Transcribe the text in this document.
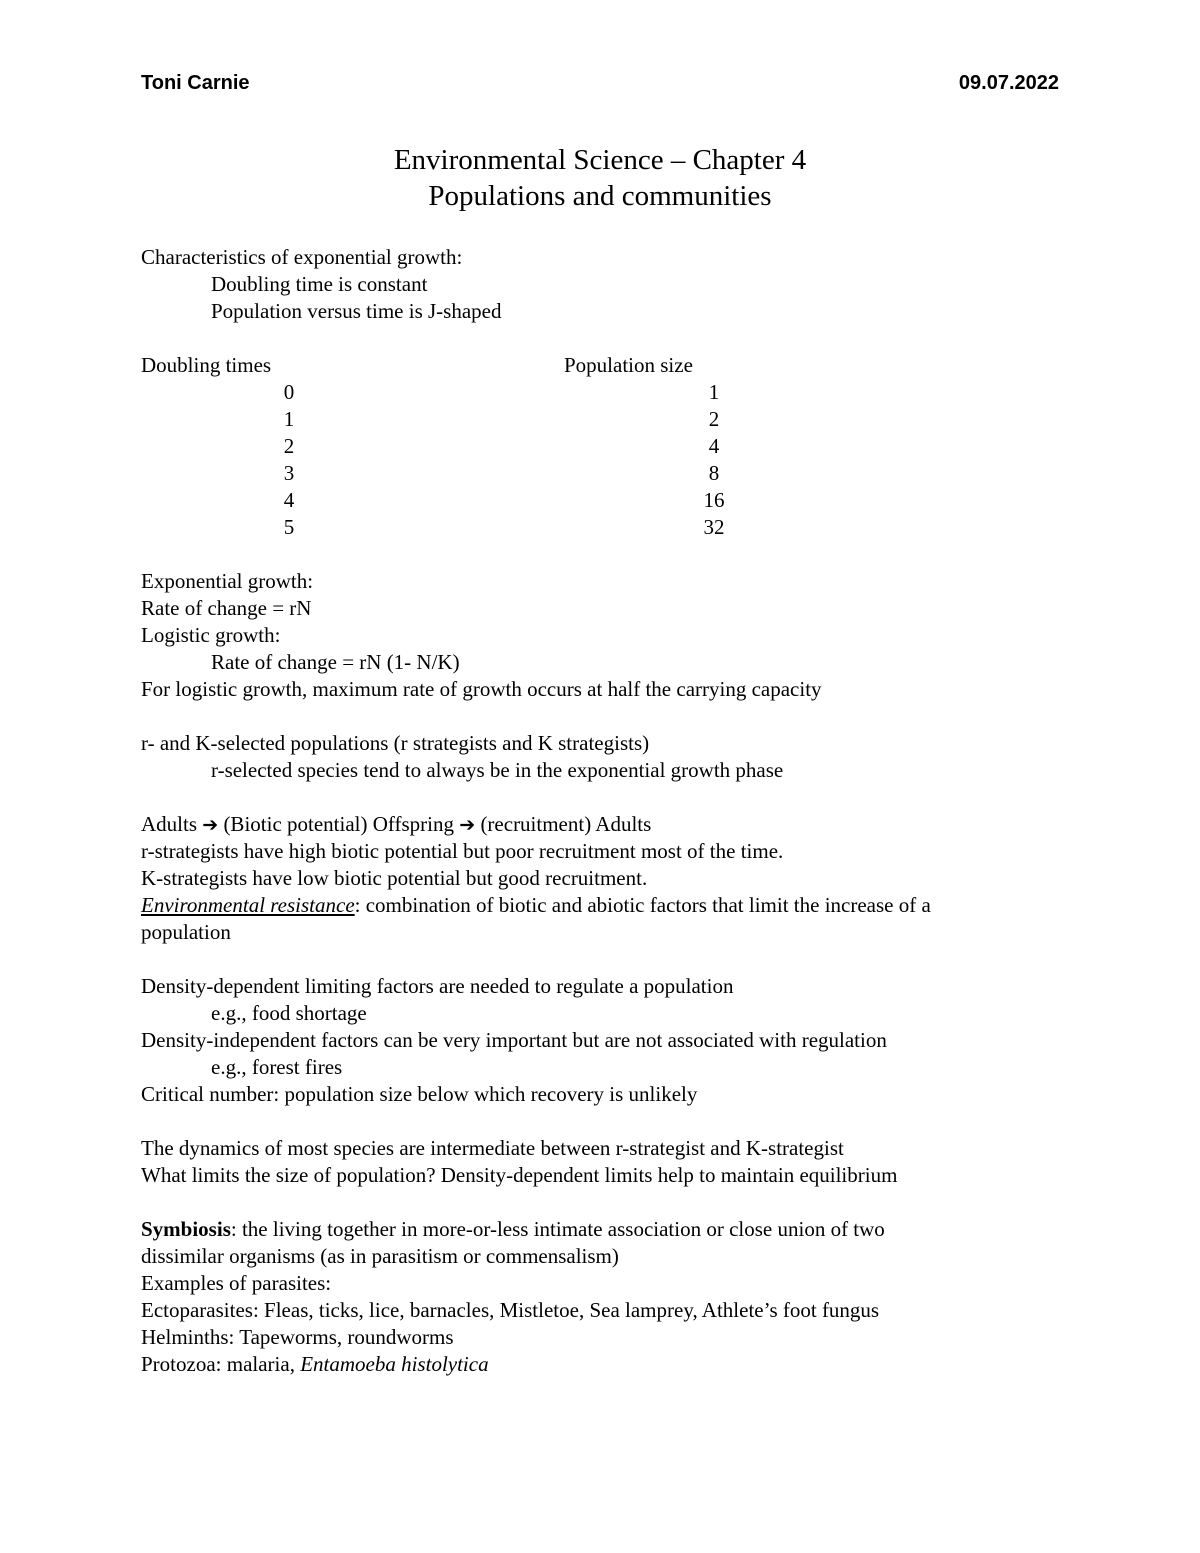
Toni Carnie	09.07.2022
Environmental Science – Chapter 4
Populations and communities
Characteristics of exponential growth:
Doubling time is constant
Population versus time is J-shaped
Doubling times	Population size
0	1
1	2
2	4
3	8
4	16
5	32
Exponential growth:
Rate of change = rN
Logistic growth:
Rate of change = rN (1- N/K)
For logistic growth, maximum rate of growth occurs at half the carrying capacity
r- and K-selected populations (r strategists and K strategists)
r-selected species tend to always be in the exponential growth phase
Adults ➔ (Biotic potential) Offspring ➔ (recruitment) Adults
r-strategists have high biotic potential but poor recruitment most of the time.
K-strategists have low biotic potential but good recruitment.
Environmental resistance: combination of biotic and abiotic factors that limit the increase of a
population
Density-dependent limiting factors are needed to regulate a population
e.g., food shortage
Density-independent factors can be very important but are not associated with regulation
e.g., forest fires
Critical number: population size below which recovery is unlikely
The dynamics of most species are intermediate between r-strategist and K-strategist
What limits the size of population? Density-dependent limits help to maintain equilibrium
Symbiosis: the living together in more-or-less intimate association or close union of two
dissimilar organisms (as in parasitism or commensalism)
Examples of parasites:
Ectoparasites: Fleas, ticks, lice, barnacles, Mistletoe, Sea lamprey, Athlete’s foot fungus
Helminths: Tapeworms, roundworms
Protozoa: malaria, Entamoeba histolytica
